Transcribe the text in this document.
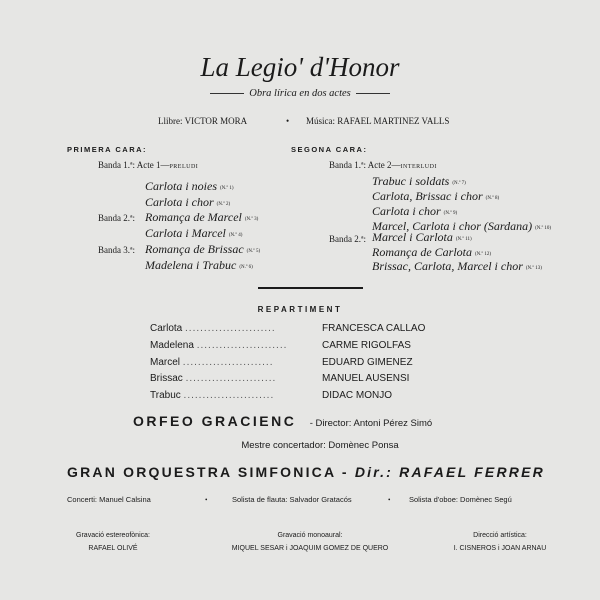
La Legio' d'Honor
Obra lírica en dos actes
Llibre: VICTOR MORA	• Música: RAFAEL MARTINEZ VALLS
PRIMERA CARA:
Banda 1.ª: Acte 1—PRELUDI
Carlota i noies $^{(N.º 1)}$
Carlota i chor $^{(N.º 2)}$
Banda 2.ª: Romança de Marcel $^{(N.º 3)}$
Carlota i Marcel $^{(N.º 4)}$
Banda 3.ª: Romança de Brissac $^{(N.º 5)}$
Madelena i Trabuc $^{(N.º 6)}$
SEGONA CARA:
Banda 1.ª: Acte 2—INTERLUDI
Trabuc i soldats $^{(N.º 7)}$
Carlota, Brissac i chor $^{(N.º 8)}$
Carlota i chor $^{(N.º 9)}$
Marcel, Carlota i chor (Sardana) $^{(N.º 10)}$
Banda 2.ª: Marcel i Carlota $^{(N.º 11)}$
Romança de Carlota $^{(N.º 12)}$
Brissac, Carlota, Marcel i chor $^{(N.º 13)}$
REPARTIMENT
Carlota ........................	FRANCESCA CALLAO
Madelena ........................	CARME RIGOLFAS
Marcel ........................	EDUARD GIMENEZ
Brissac ........................	MANUEL AUSENSI
Trabuc ........................	DIDAC MONJO
ORFEO GRACIENC - Director: Antoni Pérez Simó
Mestre concertador: Domènec Ponsa
GRAN ORQUESTRA SIMFONICA - Dir.: RAFAEL FERRER
Concerti: Manuel Calsina	•	Solista de flauta: Salvador Gratacós	• Solista d'oboe: Domènec Segú
Gravació estereofònica:
RAFAEL OLIVÉ
Gravació monoaural:
MIQUEL SESAR i JOAQUIM GOMEZ DE QUERO
Direcció artística:
I. CISNEROS i JOAN ARNAU
